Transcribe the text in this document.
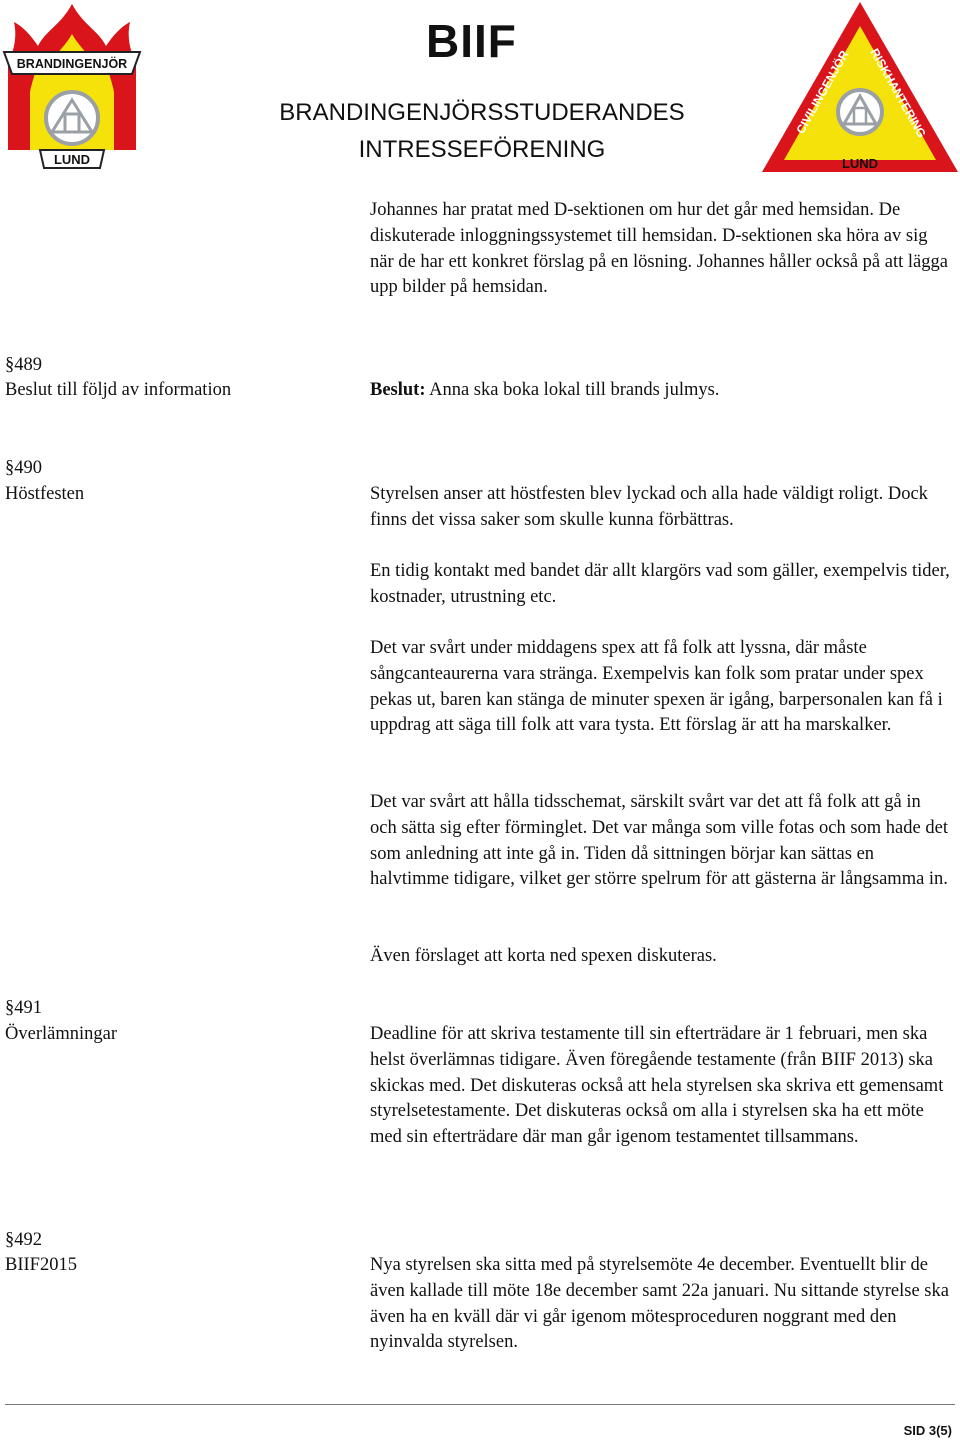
BRANDINGENJÖR
LUND
BIIF
BRANDINGENJÖRSSTUDERANDES
INTRESSEFÖRENING
CIVILINGENJÖR RISKHANTERING
LUND

Johannes har pratat med D-sektionen om hur det går med hemsidan. De diskuterade inloggningssystemet till hemsidan. D-sektionen ska höra av sig när de har ett konkret förslag på en lösning. Johannes håller också på att lägga upp bilder på hemsidan.

§489
Beslut till följd av information	Beslut: Anna ska boka lokal till brands julmys.

§490
Höstfesten	Styrelsen anser att höstfesten blev lyckad och alla hade väldigt roligt. Dock finns det vissa saker som skulle kunna förbättras.

En tidig kontakt med bandet där allt klargörs vad som gäller, exempelvis tider, kostnader, utrustning etc.

Det var svårt under middagens spex att få folk att lyssna, där måste sångcanteaurerna vara stränga. Exempelvis kan folk som pratar under spex pekas ut, baren kan stänga de minuter spexen är igång, barpersonalen kan få i uppdrag att säga till folk att vara tysta. Ett förslag är att ha marskalker.

Det var svårt att hålla tidsschemat, särskilt svårt var det att få folk att gå in och sätta sig efter förminglet. Det var många som ville fotas och som hade det som anledning att inte gå in. Tiden då sittningen börjar kan sättas en halvtimme tidigare, vilket ger större spelrum för att gästerna är långsamma in.

Även förslaget att korta ned spexen diskuteras.

§491
Överlämningar	Deadline för att skriva testamente till sin efterträdare är 1 februari, men ska helst överlämnas tidigare. Även föregående testamente (från BIIF 2013) ska skickas med. Det diskuteras också att hela styrelsen ska skriva ett gemensamt styrelsetestamente. Det diskuteras också om alla i styrelsen ska ha ett möte med sin efterträdare där man går igenom testamentet tillsammans.

§492
BIIF2015	Nya styrelsen ska sitta med på styrelsemöte 4e december. Eventuellt blir de även kallade till möte 18e december samt 22a januari. Nu sittande styrelse ska även ha en kväll där vi går igenom mötesproceduren noggrant med den nyinvalda styrelsen.

SID 3(5)
